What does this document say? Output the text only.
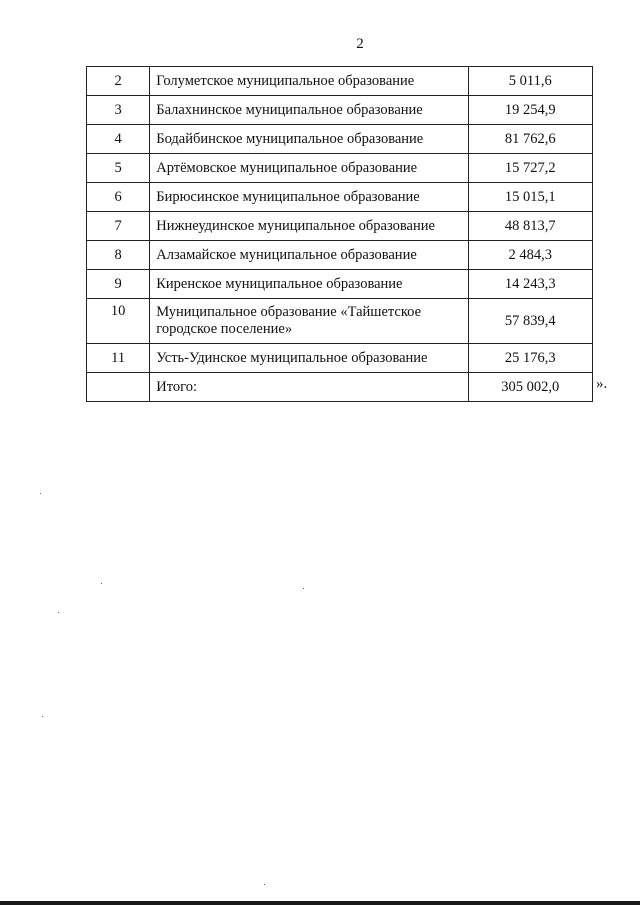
2
2	Голуметское муниципальное образование	5 011,6
3	Балахнинское муниципальное образование	19 254,9
4	Бодайбинское муниципальное образование	81 762,6
5	Артёмовское муниципальное образование	15 727,2
6	Бирюсинское муниципальное образование	15 015,1
7	Нижнеудинское муниципальное образование	48 813,7
8	Алзамайское муниципальное образование	2 484,3
9	Киренское муниципальное образование	14 243,3
10	Муниципальное образование «Тайшетское городское поселение»	57 839,4
11	Усть-Удинское муниципальное образование	25 176,3
	Итого:	305 002,0 ».
